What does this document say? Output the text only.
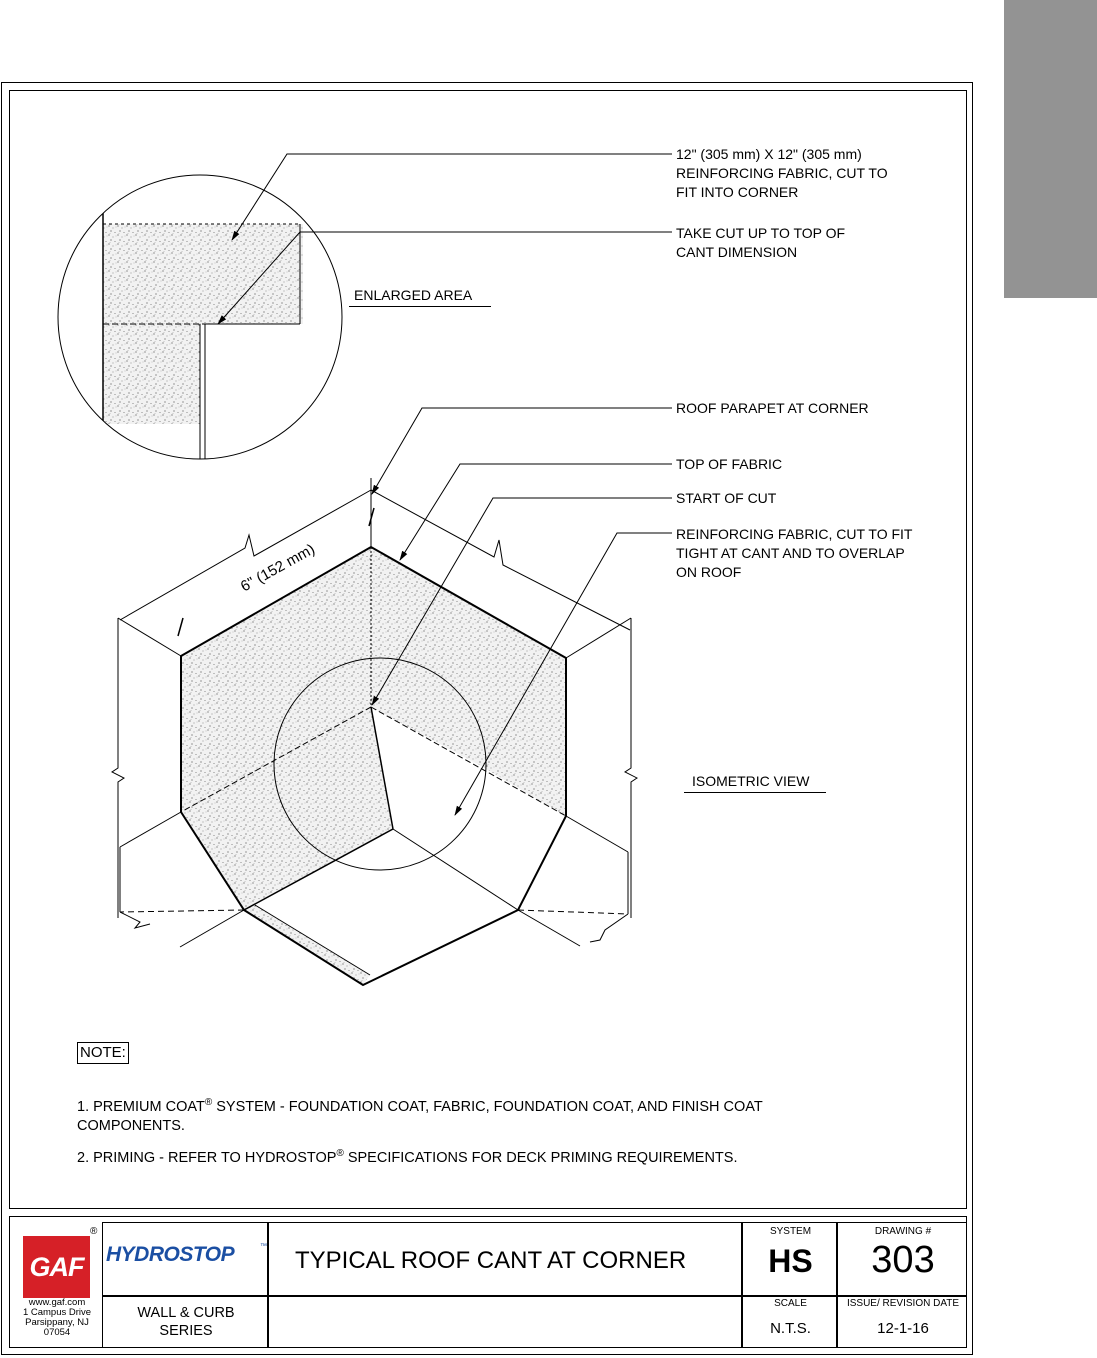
6" (152 mm)
12" (305 mm) X 12" (305 mm)
REINFORCING FABRIC, CUT TO
FIT INTO CORNER
TAKE CUT UP TO TOP OF
CANT DIMENSION
ENLARGED AREA
ROOF PARAPET AT CORNER
TOP OF FABRIC
START OF CUT
REINFORCING FABRIC, CUT TO FIT
TIGHT AT CANT AND TO OVERLAP
ON ROOF
ISOMETRIC VIEW
NOTE:
1. PREMIUM COAT® SYSTEM - FOUNDATION COAT, FABRIC, FOUNDATION COAT, AND FINISH COAT
COMPONENTS.
2. PRIMING - REFER TO HYDROSTOP® SPECIFICATIONS FOR DECK PRIMING REQUIREMENTS.
GAF
®
www.gaf.com
1 Campus Drive
Parsippany, NJ
07054
HYDROSTOP	™
WALL & CURB
SERIES
TYPICAL ROOF CANT AT CORNER
SYSTEM
HS
SCALE
N.T.S.
DRAWING #
303
ISSUE/ REVISION DATE
12-1-16
